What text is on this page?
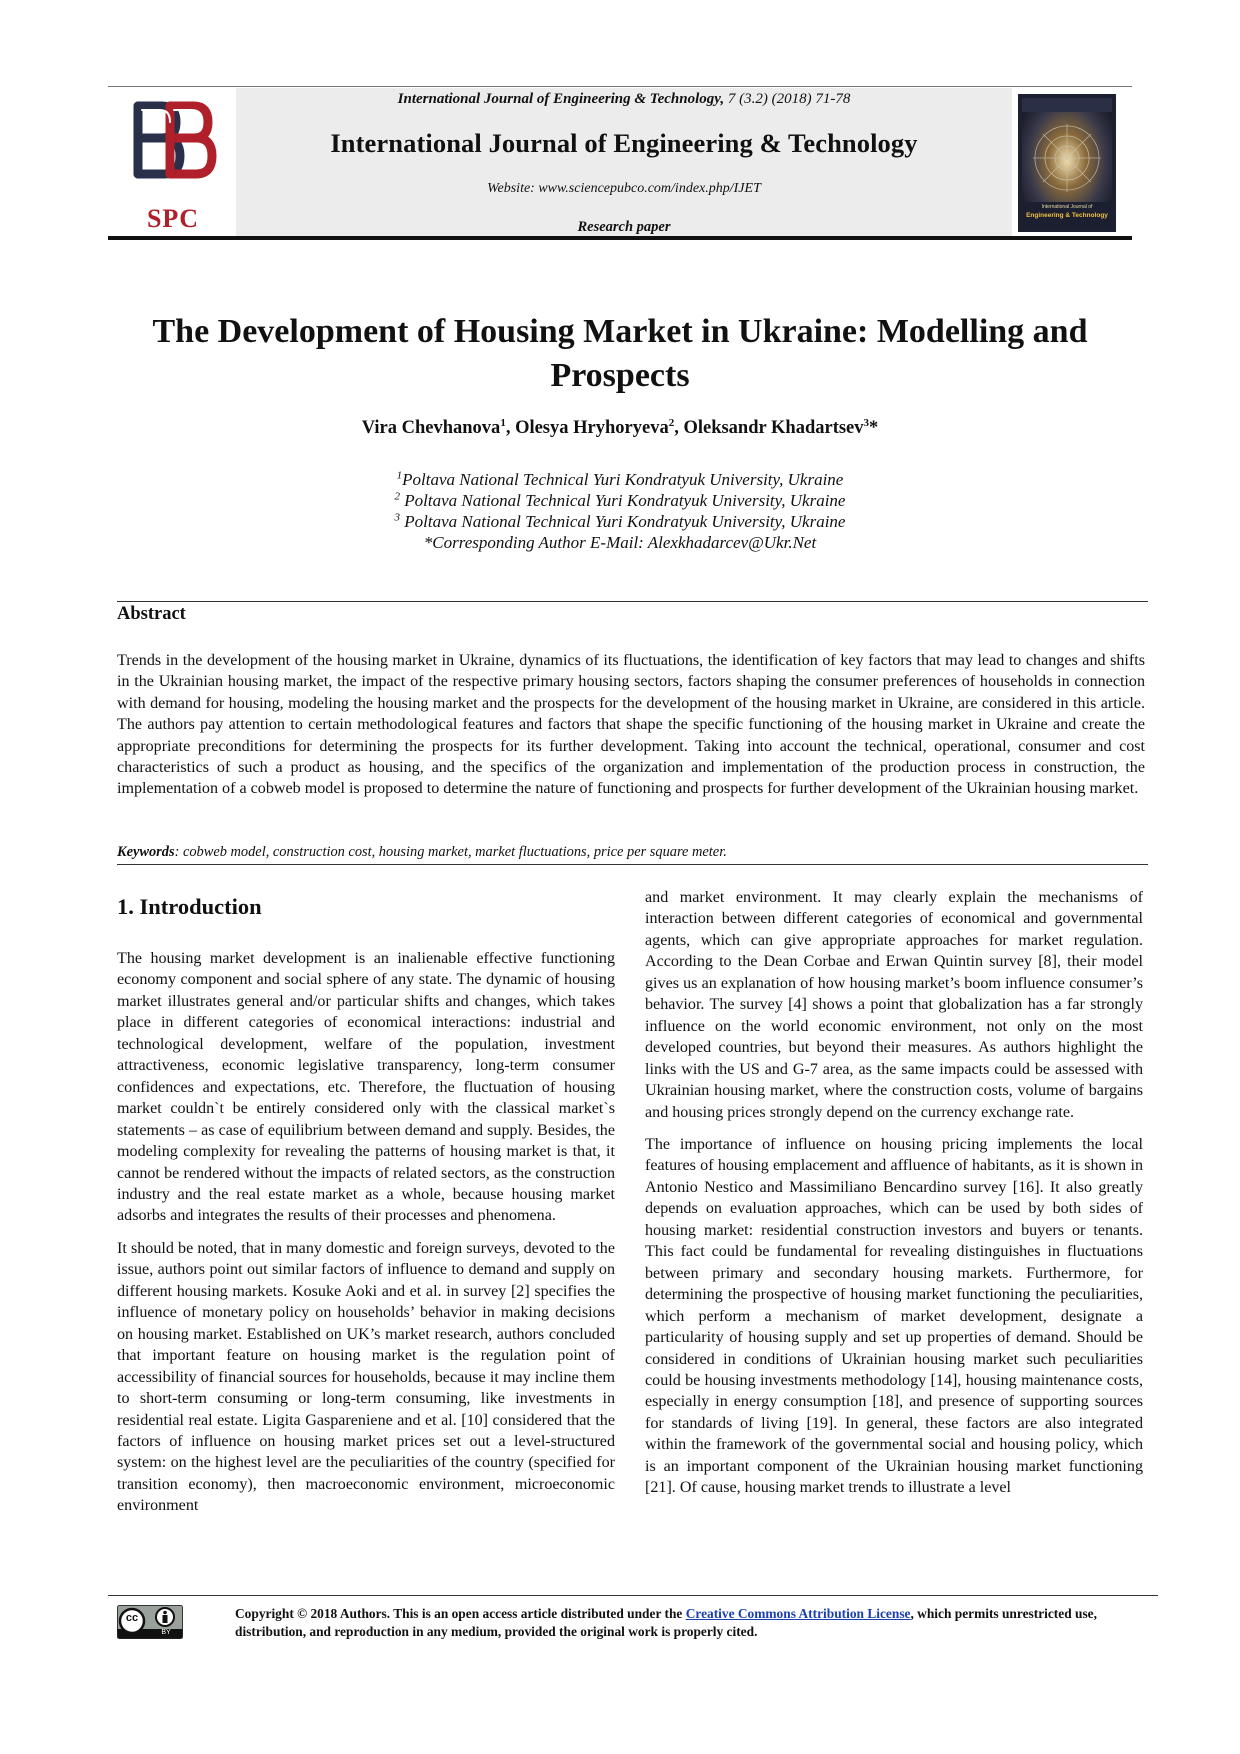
SPC
International Journal of Engineering & Technology, 7 (3.2) (2018) 71-78
International Journal of Engineering & Technology
Website: www.sciencepubco.com/index.php/IJET
Research paper
International Journal of
Engineering & Technology
The Development of Housing Market in Ukraine: Modelling and Prospects
Vira Chevhanova$^1$, Olesya Hryhoryeva$^2$, Oleksandr Khadartsev$^3$*
$^1$Poltava National Technical Yuri Kondratyuk University, Ukraine
$^2$ Poltava National Technical Yuri Kondratyuk University, Ukraine
$^3$ Poltava National Technical Yuri Kondratyuk University, Ukraine
*Corresponding Author E-Mail: Alexkhadarcev@Ukr.Net
Abstract
Trends in the development of the housing market in Ukraine, dynamics of its fluctuations, the identification of key factors that may lead to changes and shifts in the Ukrainian housing market, the impact of the respective primary housing sectors, factors shaping the consumer preferences of households in connection with demand for housing, modeling the housing market and the prospects for the development of the housing market in Ukraine, are considered in this article. The authors pay attention to certain methodological features and factors that shape the specific functioning of the housing market in Ukraine and create the appropriate preconditions for determining the prospects for its further development. Taking into account the technical, operational, consumer and cost characteristics of such a product as housing, and the specifics of the organization and implementation of the production process in construction, the implementation of a cobweb model is proposed to determine the nature of functioning and prospects for further development of the Ukrainian housing market.
Keywords: cobweb model, construction cost, housing market, market fluctuations, price per square meter.
1. Introduction

The housing market development is an inalienable effective functioning economy component and social sphere of any state. The dynamic of housing market illustrates general and/or particular shifts and changes, which takes place in different categories of economical interactions: industrial and technological development, welfare of the population, investment attractiveness, economic legislative transparency, long-term consumer confidences and expectations, etc. Therefore, the fluctuation of housing market couldn`t be entirely considered only with the classical market`s statements – as case of equilibrium between demand and supply. Besides, the modeling complexity for revealing the patterns of housing market is that, it cannot be rendered without the impacts of related sectors, as the construction industry and the real estate market as a whole, because housing market adsorbs and integrates the results of their processes and phenomena.

It should be noted, that in many domestic and foreign surveys, devoted to the issue, authors point out similar factors of influence to demand and supply on different housing markets. Kosuke Aoki and et al. in survey [2] specifies the influence of monetary policy on households’ behavior in making decisions on housing market. Established on UK’s market research, authors concluded that important feature on housing market is the regulation point of accessibility of financial sources for households, because it may incline them to short-term consuming or long-term consuming, like investments in residential real estate. Ligita Gaspareniene and et al. [10] considered that the factors of influence on housing market prices set out a level-structured system: on the highest level are the peculiarities of the country (specified for transition economy), then macroeconomic environment, microeconomic environment

and market environment. It may clearly explain the mechanisms of interaction between different categories of economical and governmental agents, which can give appropriate approaches for market regulation. According to the Dean Corbae and Erwan Quintin survey [8], their model gives us an explanation of how housing market’s boom influence consumer’s behavior. The survey [4] shows a point that globalization has a far strongly influence on the world economic environment, not only on the most developed countries, but beyond their measures. As authors highlight the links with the US and G-7 area, as the same impacts could be assessed with Ukrainian housing market, where the construction costs, volume of bargains and housing prices strongly depend on the currency exchange rate.

The importance of influence on housing pricing implements the local features of housing emplacement and affluence of habitants, as it is shown in Antonio Nestico and Massimiliano Bencardino survey [16]. It also greatly depends on evaluation approaches, which can be used by both sides of housing market: residential construction investors and buyers or tenants. This fact could be fundamental for revealing distinguishes in fluctuations between primary and secondary housing markets. Furthermore, for determining the prospective of housing market functioning the peculiarities, which perform a mechanism of market development, designate a particularity of housing supply and set up properties of demand. Should be considered in conditions of Ukrainian housing market such peculiarities could be housing investments methodology [14], housing maintenance costs, especially in energy consumption [18], and presence of supporting sources for standards of living [19]. In general, these factors are also integrated within the framework of the governmental social and housing policy, which is an important component of the Ukrainian housing market functioning [21]. Of cause, housing market trends to illustrate a level

cc
BY
Copyright © 2018 Authors. This is an open access article distributed under the Creative Commons Attribution License, which permits unrestricted use, distribution, and reproduction in any medium, provided the original work is properly cited.
